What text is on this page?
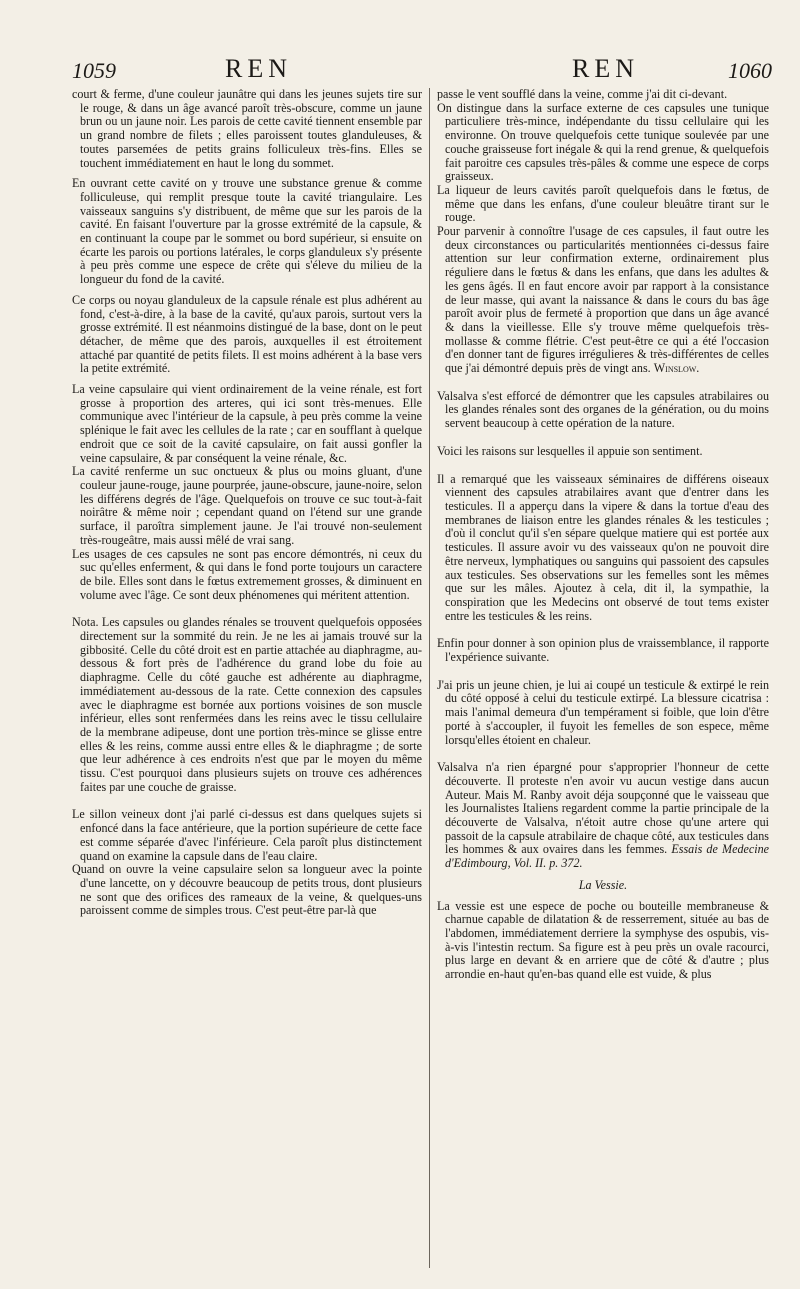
1059	REN	REN	1060

court & ferme, d'une couleur jaunâtre qui dans les jeunes sujets tire sur le rouge, & dans un âge avancé paroît très-obscure, comme un jaune brun ou un jaune noir. Les parois de cette cavité tiennent ensemble par un grand nombre de filets ; elles paroissent toutes glanduleuses, & toutes parsemées de petits grains folliculeux très-fins. Elles se touchent immédiatement en haut le long du sommet.

En ouvrant cette cavité on y trouve une substance grenue & comme folliculeuse, qui remplit presque toute la cavité triangulaire. Les vaisseaux sanguins s'y distribuent, de même que sur les parois de la cavité. En faisant l'ouverture par la grosse extrémité de la capsule, & en continuant la coupe par le sommet ou bord supérieur, si ensuite on écarte les parois ou portions latérales, le corps glanduleux s'y présente à peu près comme une espece de crête qui s'éleve du milieu de la longueur du fond de la cavité.

Ce corps ou noyau glanduleux de la capsule rénale est plus adhérent au fond, c'est-à-dire, à la base de la cavité, qu'aux parois, surtout vers la grosse extrémité. Il est néanmoins distingué de la base, dont on le peut détacher, de même que des parois, auxquelles il est étroitement attaché par quantité de petits filets. Il est moins adhérent à la base vers la petite extrémité.

La veine capsulaire qui vient ordinairement de la veine rénale, est fort grosse à proportion des arteres, qui ici sont très-menues. Elle communique avec l'intérieur de la capsule, à peu près comme la veine splénique le fait avec les cellules de la rate ; car en soufflant à quelque endroit que ce soit de la cavité capsulaire, on fait aussi gonfler la veine capsulaire, & par conséquent la veine rénale, &c.

La cavité renferme un suc onctueux & plus ou moins gluant, d'une couleur jaune-rouge, jaune pourprée, jaune-obscure, jaune-noire, selon les différens degrés de l'âge. Quelquefois on trouve ce suc tout-à-fait noirâtre & même noir ; cependant quand on l'étend sur une grande surface, il paroîtra simplement jaune. Je l'ai trouvé non-seulement très-rougeâtre, mais aussi mêlé de vrai sang.

Les usages de ces capsules ne sont pas encore démontrés, ni ceux du suc qu'elles enferment, & qui dans le fond porte toujours un caractere de bile. Elles sont dans le fœtus extremement grosses, & diminuent en volume avec l'âge. Ce sont deux phénomenes qui méritent attention.

Nota. Les capsules ou glandes rénales se trouvent quelquefois opposées directement sur la sommité du rein. Je ne les ai jamais trouvé sur la gibbosité. Celle du côté droit est en partie attachée au diaphragme, au-dessous & fort près de l'adhérence du grand lobe du foie au diaphragme. Celle du côté gauche est adhérente au diaphragme, immédiatement au-dessous de la rate. Cette connexion des capsules avec le diaphragme est bornée aux portions voisines de son muscle inférieur, elles sont renfermées dans les reins avec le tissu cellulaire de la membrane adipeuse, dont une portion très-mince se glisse entre elles & les reins, comme aussi entre elles & le diaphragme ; de sorte que leur adhérence à ces endroits n'est que par le moyen du même tissu. C'est pourquoi dans plusieurs sujets on trouve ces adhérences faites par une couche de graisse.

Le sillon veineux dont j'ai parlé ci-dessus est dans quelques sujets si enfoncé dans la face antérieure, que la portion supérieure de cette face est comme séparée d'avec l'inférieure. Cela paroît plus distinctement quand on examine la capsule dans de l'eau claire.

Quand on ouvre la veine capsulaire selon sa longueur avec la pointe d'une lancette, on y découvre beaucoup de petits trous, dont plusieurs ne sont que des orifices des rameaux de la veine, & quelques-uns paroissent comme de simples trous. C'est peut-être par-là que

passe le vent soufflé dans la veine, comme j'ai dit ci-devant.

On distingue dans la surface externe de ces capsules une tunique particuliere très-mince, indépendante du tissu cellulaire qui les environne. On trouve quelquefois cette tunique soulevée par une couche graisseuse fort inégale & qui la rend grenue, & quelquefois fait paroitre ces capsules très-pâles & comme une espece de corps graisseux.

La liqueur de leurs cavités paroît quelquefois dans le fœtus, de même que dans les enfans, d'une couleur bleuâtre tirant sur le rouge.

Pour parvenir à connoître l'usage de ces capsules, il faut outre les deux circonstances ou particularités mentionnées ci-dessus faire attention sur leur confirmation externe, ordinairement plus réguliere dans le fœtus & dans les enfans, que dans les adultes & les gens âgés. Il en faut encore avoir par rapport à la consistance de leur masse, qui avant la naissance & dans le cours du bas âge paroît avoir plus de fermeté à proportion que dans un âge avancé & dans la vieillesse. Elle s'y trouve même quelquefois très-mollasse & comme flétrie. C'est peut-être ce qui a été l'occasion d'en donner tant de figures irrégulieres & très-différentes de celles que j'ai démontré depuis près de vingt ans. Winslow.

Valsalva s'est efforcé de démontrer que les capsules atrabilaires ou les glandes rénales sont des organes de la génération, ou du moins servent beaucoup à cette opération de la nature.

Voici les raisons sur lesquelles il appuie son sentiment.

Il a remarqué que les vaisseaux séminaires de différens oiseaux viennent des capsules atrabilaires avant que d'entrer dans les testicules. Il a apperçu dans la vipere & dans la tortue d'eau des membranes de liaison entre les glandes rénales & les testicules ; d'où il conclut qu'il s'en sépare quelque matiere qui est portée aux testicules. Il assure avoir vu des vaisseaux qu'on ne pouvoit dire être nerveux, lymphatiques ou sanguins qui passoient des capsules aux testicules. Ses observations sur les femelles sont les mêmes que sur les mâles. Ajoutez à cela, dit il, la sympathie, la conspiration que les Medecins ont observé de tout tems exister entre les testicules & les reins.

Enfin pour donner à son opinion plus de vraissemblance, il rapporte l'expérience suivante.

J'ai pris un jeune chien, je lui ai coupé un testicule & extirpé le rein du côté opposé à celui du testicule extirpé. La blessure cicatrisa : mais l'animal demeura d'un tempérament si foible, que loin d'être porté à s'accoupler, il fuyoit les femelles de son espece, même lorsqu'elles étoient en chaleur.

Valsalva n'a rien épargné pour s'approprier l'honneur de cette découverte. Il proteste n'en avoir vu aucun vestige dans aucun Auteur. Mais M. Ranby avoit déja soupçonné que le vaisseau que les Journalistes Italiens regardent comme la partie principale de la découverte de Valsalva, n'étoit autre chose qu'une artere qui passoit de la capsule atrabilaire de chaque côté, aux testicules dans les hommes & aux ovaires dans les femmes. Essais de Medecine d'Edimbourg, Vol. II. p. 372.

La Vessie.

La vessie est une espece de poche ou bouteille membraneuse & charnue capable de dilatation & de resserrement, située au bas de l'abdomen, immédiatement derriere la symphyse des ospubis, vis-à-vis l'intestin rectum. Sa figure est à peu près un ovale racourci, plus large en devant & en arriere que de côté & d'autre ; plus arrondie en-haut qu'en-bas quand elle est vuide, & plus
